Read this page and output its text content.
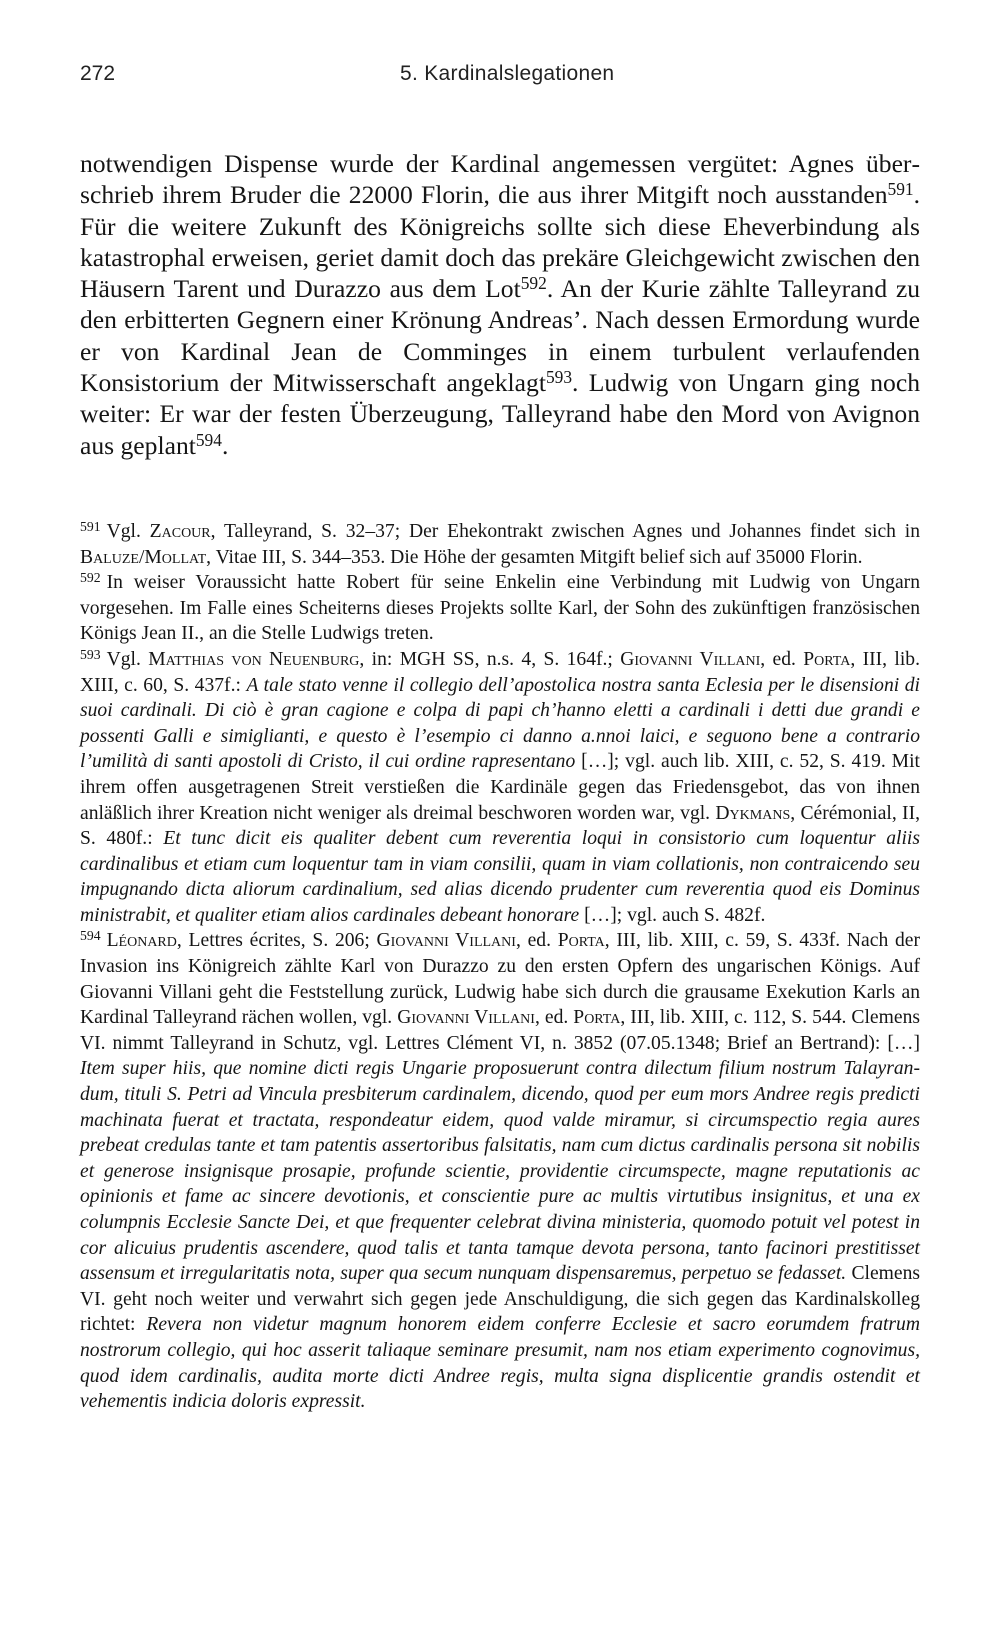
272	5. Kardinalslegationen

notwendigen Dispense wurde der Kardinal angemessen vergütet: Agnes überschrieb ihrem Bruder die 22000 Florin, die aus ihrer Mitgift noch ausstanden$^{591}$. Für die weitere Zukunft des Königreichs sollte sich diese Eheverbindung als katastrophal erweisen, geriet damit doch das prekäre Gleichgewicht zwischen den Häusern Tarent und Durazzo aus dem Lot$^{592}$. An der Kurie zählte Talleyrand zu den erbitterten Gegnern einer Krönung Andreas’. Nach dessen Ermordung wurde er von Kardinal Jean de Comminges in einem turbulent verlaufenden Konsistorium der Mitwisserschaft angeklagt$^{593}$. Ludwig von Ungarn ging noch weiter: Er war der festen Überzeugung, Talleyrand habe den Mord von Avignon aus geplant$^{594}$.

$^{591}$ Vgl. Zacour, Talleyrand, S. 32–37; Der Ehekontrakt zwischen Agnes und Johannes findet sich in Baluze/Mollat, Vitae III, S. 344–353. Die Höhe der gesamten Mitgift belief sich auf 35000 Florin.

$^{592}$ In weiser Voraussicht hatte Robert für seine Enkelin eine Verbindung mit Ludwig von Ungarn vorgesehen. Im Falle eines Scheiterns dieses Projekts sollte Karl, der Sohn des zukünftigen französischen Königs Jean II., an die Stelle Ludwigs treten.

$^{593}$ Vgl. Matthias von Neuenburg, in: MGH SS, n.s. 4, S. 164f.; Giovanni Villani, ed. Porta, III, lib. XIII, c. 60, S. 437f.: A tale stato venne il collegio dell’apostolica nostra santa Eclesia per le disensioni di suoi cardinali. Di ciò è gran cagione e colpa di papi ch’hanno eletti a cardinali i detti due grandi e possenti Galli e simiglianti, e questo è l’esempio ci danno a.nnoi laici, e seguono bene a contrario l’umilità di santi apostoli di Cristo, il cui ordine rapresentano […]; vgl. auch lib. XIII, c. 52, S. 419. Mit ihrem offen ausgetragenen Streit verstießen die Kardinäle gegen das Friedensgebot, das von ihnen anläßlich ihrer Kreation nicht weniger als dreimal beschworen worden war, vgl. Dykmans, Cérémonial, II, S. 480f.: Et tunc dicit eis qualiter debent cum reverentia loqui in consistorio cum loquentur aliis cardinalibus et etiam cum loquentur tam in viam consilii, quam in viam collationis, non contraicendo seu impugnando dicta aliorum cardinalium, sed alias dicendo prudenter cum reverentia quod eis Dominus ministrabit, et qualiter etiam alios cardinales debeant honorare […]; vgl. auch S. 482f.

$^{594}$ Léonard, Lettres écrites, S. 206; Giovanni Villani, ed. Porta, III, lib. XIII, c. 59, S. 433f. Nach der Invasion ins Königreich zählte Karl von Durazzo zu den ersten Opfern des ungarischen Königs. Auf Giovanni Villani geht die Feststellung zurück, Ludwig habe sich durch die grausame Exekution Karls an Kardinal Talleyrand rächen wollen, vgl. Giovanni Villani, ed. Porta, III, lib. XIII, c. 112, S. 544. Clemens VI. nimmt Talleyrand in Schutz, vgl. Lettres Clément VI, n. 3852 (07.05.1348; Brief an Bertrand): […] Item super hiis, que nomine dicti regis Ungarie proposuerunt contra dilectum filium nostrum Talayrandum, tituli S. Petri ad Vincula presbiterum cardinalem, dicendo, quod per eum mors Andree regis predicti machinata fuerat et tractata, respondeatur eidem, quod valde miramur, si circumspectio regia aures prebeat credulas tante et tam patentis assertoribus falsitatis, nam cum dictus cardinalis persona sit nobilis et generose insignisque prosapie, profunde scientie, providentie circumspecte, magne reputationis ac opinionis et fame ac sincere devotionis, et conscientie pure ac multis virtutibus insignitus, et una ex columpnis Ecclesie Sancte Dei, et que frequenter celebrat divina ministeria, quomodo potuit vel potest in cor alicuius prudentis ascendere, quod talis et tanta tamque devota persona, tanto facinori prestitisset assensum et irregularitatis nota, super qua secum nunquam dispensaremus, perpetuo se fedasset. Clemens VI. geht noch weiter und verwahrt sich gegen jede Anschuldigung, die sich gegen das Kardinalskolleg richtet: Revera non videtur magnum honorem eidem conferre Ecclesie et sacro eorumdem fratrum nostrorum collegio, qui hoc asserit taliaque seminare presumit, nam nos etiam experimento cognovimus, quod idem cardinalis, audita morte dicti Andree regis, multa signa displicentie grandis ostendit et vehementis indicia doloris expressit.
